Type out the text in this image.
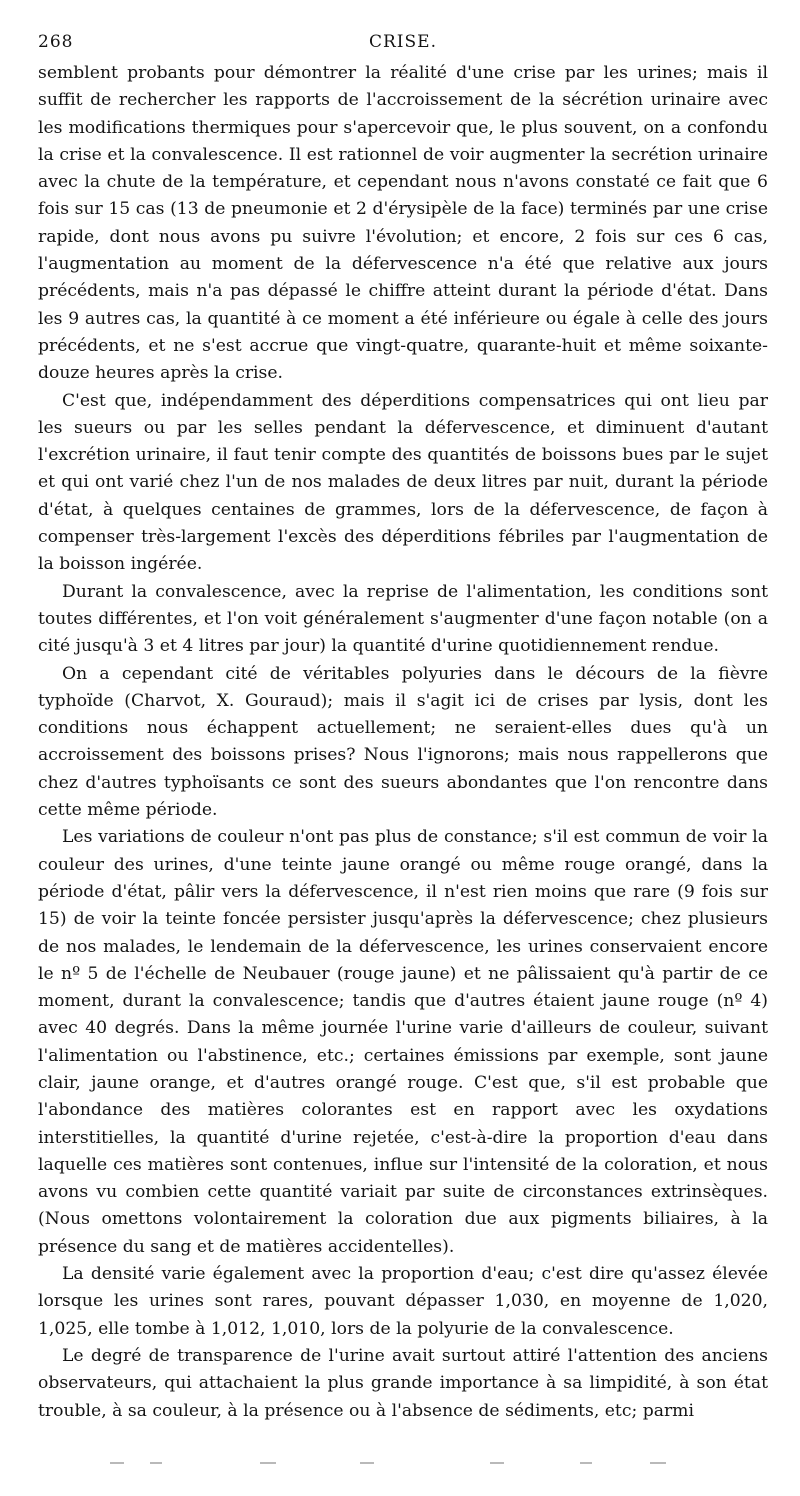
268	CRISE.

semblent probants pour démontrer la réalité d'une crise par les urines; mais il suffit de rechercher les rapports de l'accroissement de la sécrétion urinaire avec les modifications thermiques pour s'apercevoir que, le plus souvent, on a confondu la crise et la convalescence. Il est rationnel de voir augmenter la secrétion urinaire avec la chute de la température, et cependant nous n'avons constaté ce fait que 6 fois sur 15 cas (13 de pneumonie et 2 d'érysipèle de la face) terminés par une crise rapide, dont nous avons pu suivre l'évolution; et encore, 2 fois sur ces 6 cas, l'augmentation au moment de la défervescence n'a été que relative aux jours précédents, mais n'a pas dépassé le chiffre atteint durant la période d'état. Dans les 9 autres cas, la quantité à ce moment a été inférieure ou égale à celle des jours précédents, et ne s'est accrue que vingt-quatre, quarante-huit et même soixante-douze heures après la crise.

C'est que, indépendamment des déperditions compensatrices qui ont lieu par les sueurs ou par les selles pendant la défervescence, et diminuent d'autant l'excrétion urinaire, il faut tenir compte des quantités de boissons bues par le sujet et qui ont varié chez l'un de nos malades de deux litres par nuit, durant la période d'état, à quelques centaines de grammes, lors de la défervescence, de façon à compenser très-largement l'excès des déperditions fébriles par l'augmentation de la boisson ingérée.

Durant la convalescence, avec la reprise de l'alimentation, les conditions sont toutes différentes, et l'on voit généralement s'augmenter d'une façon notable (on a cité jusqu'à 3 et 4 litres par jour) la quantité d'urine quotidiennement rendue.

On a cependant cité de véritables polyuries dans le décours de la fièvre typhoïde (Charvot, X. Gouraud); mais il s'agit ici de crises par lysis, dont les conditions nous échappent actuellement; ne seraient-elles dues qu'à un accroissement des boissons prises? Nous l'ignorons; mais nous rappellerons que chez d'autres typhoïsants ce sont des sueurs abondantes que l'on rencontre dans cette même période.

Les variations de couleur n'ont pas plus de constance; s'il est commun de voir la couleur des urines, d'une teinte jaune orangé ou même rouge orangé, dans la période d'état, pâlir vers la défervescence, il n'est rien moins que rare (9 fois sur 15) de voir la teinte foncée persister jusqu'après la défervescence; chez plusieurs de nos malades, le lendemain de la défervescence, les urines conservaient encore le nº 5 de l'échelle de Neubauer (rouge jaune) et ne pâlissaient qu'à partir de ce moment, durant la convalescence; tandis que d'autres étaient jaune rouge (nº 4) avec 40 degrés. Dans la même journée l'urine varie d'ailleurs de couleur, suivant l'alimentation ou l'abstinence, etc.; certaines émissions par exemple, sont jaune clair, jaune orange, et d'autres orangé rouge. C'est que, s'il est probable que l'abondance des matières colorantes est en rapport avec les oxydations interstitielles, la quantité d'urine rejetée, c'est-à-dire la proportion d'eau dans laquelle ces matières sont contenues, influe sur l'intensité de la coloration, et nous avons vu combien cette quantité variait par suite de circonstances extrinsèques. (Nous omettons volontairement la coloration due aux pigments biliaires, à la présence du sang et de matières accidentelles).

La densité varie également avec la proportion d'eau; c'est dire qu'assez élevée lorsque les urines sont rares, pouvant dépasser 1,030, en moyenne de 1,020, 1,025, elle tombe à 1,012, 1,010, lors de la polyurie de la convalescence.

Le degré de transparence de l'urine avait surtout attiré l'attention des anciens observateurs, qui attachaient la plus grande importance à sa limpidité, à son état trouble, à sa couleur, à la présence ou à l'absence de sédiments, etc; parmi
